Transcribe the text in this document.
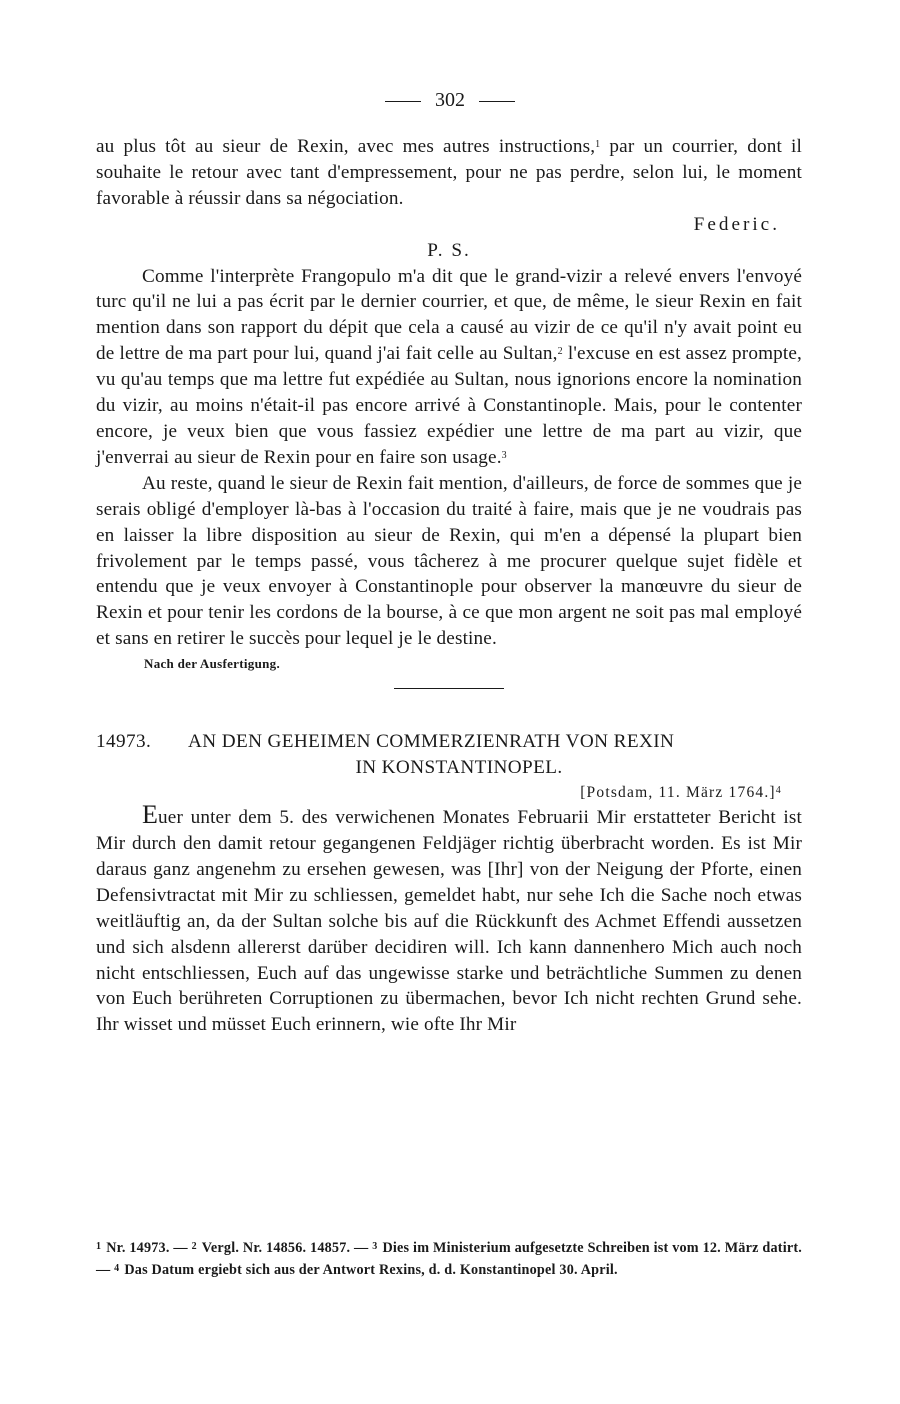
302

au plus tôt au sieur de Rexin, avec mes autres instructions,$^1$ par un courrier, dont il souhaite le retour avec tant d'empressement, pour ne pas perdre, selon lui, le moment favorable à réussir dans sa négociation.

Federic.

P. S.

Comme l'interprète Frangopulo m'a dit que le grand-vizir a relevé envers l'envoyé turc qu'il ne lui a pas écrit par le dernier courrier, et que, de même, le sieur Rexin en fait mention dans son rapport du dépit que cela a causé au vizir de ce qu'il n'y avait point eu de lettre de ma part pour lui, quand j'ai fait celle au Sultan,$^2$ l'excuse en est assez prompte, vu qu'au temps que ma lettre fut expédiée au Sultan, nous ignorions encore la nomination du vizir, au moins n'était-il pas encore arrivé à Constantinople. Mais, pour le contenter encore, je veux bien que vous fassiez expédier une lettre de ma part au vizir, que j'enverrai au sieur de Rexin pour en faire son usage.$^3$

Au reste, quand le sieur de Rexin fait mention, d'ailleurs, de force de sommes que je serais obligé d'employer là-bas à l'occasion du traité à faire, mais que je ne voudrais pas en laisser la libre disposition au sieur de Rexin, qui m'en a dépensé la plupart bien frivolement par le temps passé, vous tâcherez à me procurer quelque sujet fidèle et entendu que je veux envoyer à Constantinople pour observer la manœuvre du sieur de Rexin et pour tenir les cordons de la bourse, à ce que mon argent ne soit pas mal employé et sans en retirer le succès pour lequel je le destine.

Nach der Ausfertigung.

14973. AN DEN GEHEIMEN COMMERZIENRATH VON REXIN
IN KONSTANTINOPEL.
[Potsdam, 11. März 1764.]$^4$

Euer unter dem 5. des verwichenen Monates Februarii Mir erstatteter Bericht ist Mir durch den damit retour gegangenen Feldjäger richtig überbracht worden. Es ist Mir daraus ganz angenehm zu ersehen gewesen, was [Ihr] von der Neigung der Pforte, einen Defensivtractat mit Mir zu schliessen, gemeldet habt, nur sehe Ich die Sache noch etwas weitläuftig an, da der Sultan solche bis auf die Rückkunft des Achmet Effendi aussetzen und sich alsdenn allererst darüber decidiren will. Ich kann dannenhero Mich auch noch nicht entschliessen, Euch auf das ungewisse starke und beträchtliche Summen zu denen von Euch berühreten Corruptionen zu übermachen, bevor Ich nicht rechten Grund sehe. Ihr wisset und müsset Euch erinnern, wie ofte Ihr Mir

$^1$ Nr. 14973. — $^2$ Vergl. Nr. 14856. 14857. — $^3$ Dies im Ministerium aufgesetzte Schreiben ist vom 12. März datirt. — $^4$ Das Datum ergiebt sich aus der Antwort Rexins, d. d. Konstantinopel 30. April.
